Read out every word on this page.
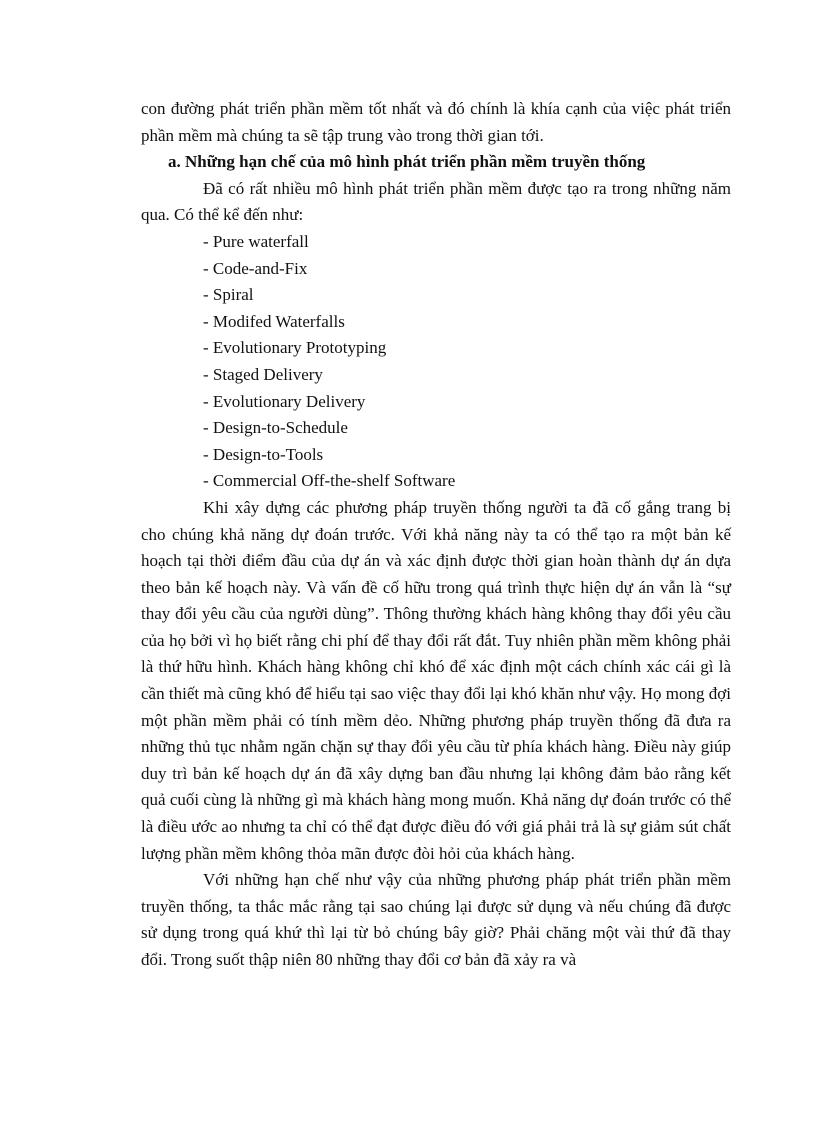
con đường phát triển phần mềm tốt nhất và đó chính là khía cạnh của việc phát triển phần mềm mà chúng ta sẽ tập trung vào trong thời gian tới.

a. Những hạn chế của mô hình phát triển phần mềm truyền thống

Đã có rất nhiều mô hình phát triển phần mềm được tạo ra trong những năm qua. Có thể kể đến như:

- Pure waterfall
- Code-and-Fix
- Spiral
- Modifed Waterfalls
- Evolutionary Prototyping
- Staged Delivery
- Evolutionary Delivery
- Design-to-Schedule
- Design-to-Tools
- Commercial Off-the-shelf Software

Khi xây dựng các phương pháp truyền thống người ta đã cố gắng trang bị cho chúng khả năng dự đoán trước. Với khả năng này ta có thể tạo ra một bản kế hoạch tại thời điểm đầu của dự án và xác định được thời gian hoàn thành dự án dựa theo bản kế hoạch này. Và vấn đề cố hữu trong quá trình thực hiện dự án vẫn là “sự thay đổi yêu cầu của người dùng”. Thông thường khách hàng không thay đổi yêu cầu của họ bởi vì họ biết rằng chi phí để thay đổi rất đắt. Tuy nhiên phần mềm không phải là thứ hữu hình. Khách hàng không chỉ khó để xác định một cách chính xác cái gì là cần thiết mà cũng khó để hiểu tại sao việc thay đổi lại khó khăn như vậy. Họ mong đợi một phần mềm phải có tính mềm dẻo. Những phương pháp truyền thống đã đưa ra những thủ tục nhằm ngăn chặn sự thay đổi yêu cầu từ phía khách hàng. Điều này giúp duy trì bản kế hoạch dự án đã xây dựng ban đầu nhưng lại không đảm bảo rằng kết quả cuối cùng là những gì mà khách hàng mong muốn. Khả năng dự đoán trước có thể là điều ước ao nhưng ta chỉ có thể đạt được điều đó với giá phải trả là sự giảm sút chất lượng phần mềm không thỏa mãn được đòi hỏi của khách hàng.

Với những hạn chế như vậy của những phương pháp phát triển phần mềm truyền thống, ta thắc mắc rằng tại sao chúng lại được sử dụng và nếu chúng đã được sử dụng trong quá khứ thì lại từ bỏ chúng bây giờ? Phải chăng một vài thứ đã thay đổi. Trong suốt thập niên 80 những thay đổi cơ bản đã xảy ra và
